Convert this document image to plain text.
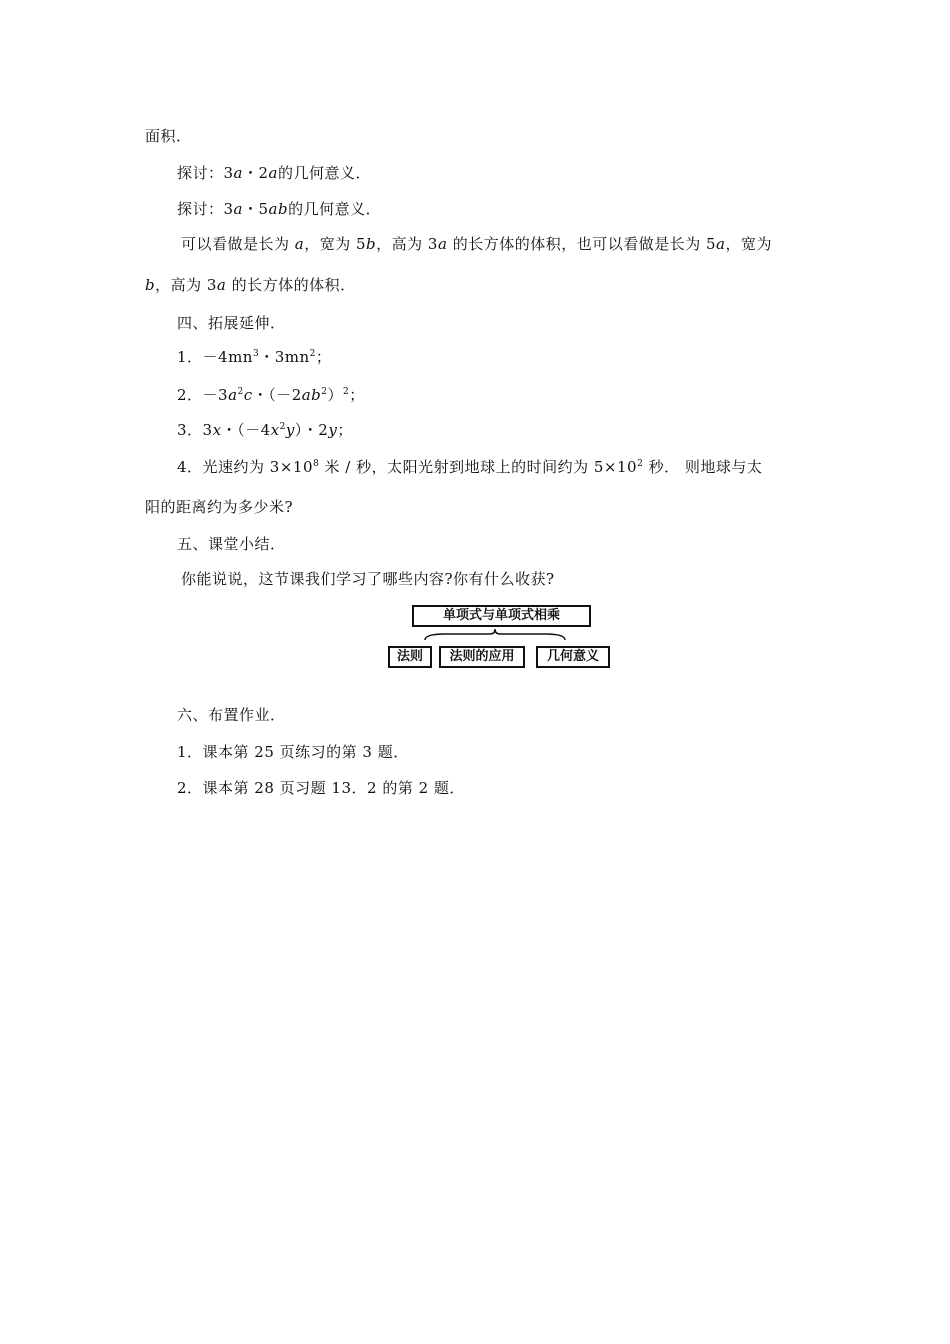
面积．
探讨：3a・2a的几何意义．
探讨：3a・5ab的几何意义．
可以看做是长为 a，宽为 5b，高为 3a 的长方体的体积，也可以看做是长为 5a，宽为
b，高为 3a 的长方体的体积．
四、拓展延伸．
1．$-4mn^3$・$3mn^2$；
2．$-3a^2c$・$(-2ab^2)^2$；
3．3x・$(-4x^2y)$・2y；
4．光速约为 $3\times 10^8$ 米 / 秒，太阳光射到地球上的时间约为 $5\times 10^2$ 秒． 则地球与太
阳的距离约为多少米?
五、课堂小结．
你能说说，这节课我们学习了哪些内容?你有什么收获?
单项式与单项式相乘
法则	法则的应用	几何意义
六、布置作业．
1．课本第 25 页练习的第 3 题．
2．课本第 28 页习题 13．2 的第 2 题．
